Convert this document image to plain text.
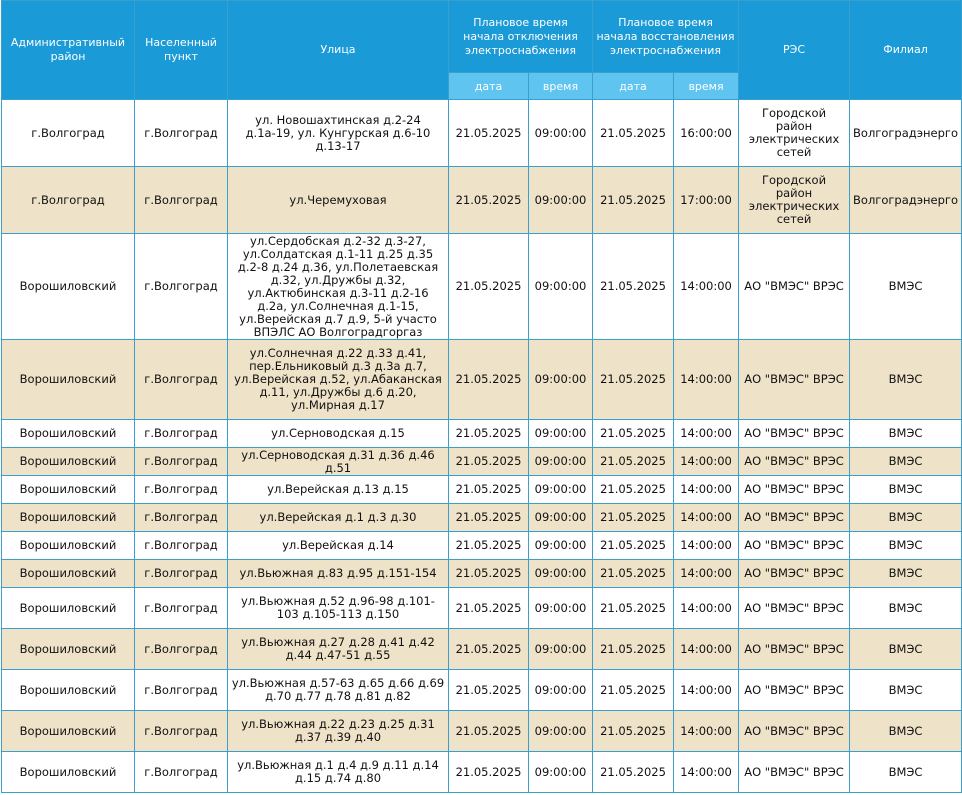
Административный район	Населенный пункт	Улица	Плановое время начала отключения электроснабжения		Плановое время начала восстановления электроснабжения		РЭС	Филиал
			дата	время	дата	время		
г.Волгоград	г.Волгоград	ул. Новошахтинская д.2-24 д.1а-19, ул. Кунгурская д.6-10 д.13-17	21.05.2025	09:00:00	21.05.2025	16:00:00	Городской район электрических сетей	Волгоградэнерго
г.Волгоград	г.Волгоград	ул.Черемуховая	21.05.2025	09:00:00	21.05.2025	17:00:00	Городской район электрических сетей	Волгоградэнерго
Ворошиловский	г.Волгоград	ул.Сердобская д.2-32 д.3-27, ул.Солдатская д.1-11 д.25 д.35 д.2-8 д.24 д.36, ул.Полетаевская д.32, ул.Дружбы д.32, ул.Актюбинская д.3-11 д.2-16 д.2а, ул.Солнечная д.1-15, ул.Верейская д.7 д.9, 5-й участо ВПЭЛС АО Волгоградгоргаз	21.05.2025	09:00:00	21.05.2025	14:00:00	АО "ВМЭС" ВРЭС	ВМЭС
Ворошиловский	г.Волгоград	ул.Солнечная д.22 д.33 д.41, пер.Ельниковый д.3 д.3а д.7, ул.Верейская д.52, ул.Абаканская д.11, ул.Дружбы д.6 д.20, ул.Мирная д.17	21.05.2025	09:00:00	21.05.2025	14:00:00	АО "ВМЭС" ВРЭС	ВМЭС
Ворошиловский	г.Волгоград	ул.Серноводская д.15	21.05.2025	09:00:00	21.05.2025	14:00:00	АО "ВМЭС" ВРЭС	ВМЭС
Ворошиловский	г.Волгоград	ул.Серноводская д.31 д.36 д.46 д.51	21.05.2025	09:00:00	21.05.2025	14:00:00	АО "ВМЭС" ВРЭС	ВМЭС
Ворошиловский	г.Волгоград	ул.Верейская д.13 д.15	21.05.2025	09:00:00	21.05.2025	14:00:00	АО "ВМЭС" ВРЭС	ВМЭС
Ворошиловский	г.Волгоград	ул.Верейская д.1 д.3 д.30	21.05.2025	09:00:00	21.05.2025	14:00:00	АО "ВМЭС" ВРЭС	ВМЭС
Ворошиловский	г.Волгоград	ул.Верейская д.14	21.05.2025	09:00:00	21.05.2025	14:00:00	АО "ВМЭС" ВРЭС	ВМЭС
Ворошиловский	г.Волгоград	ул.Вьюжная д.83 д.95 д.151-154	21.05.2025	09:00:00	21.05.2025	14:00:00	АО "ВМЭС" ВРЭС	ВМЭС
Ворошиловский	г.Волгоград	ул.Вьюжная д.52 д.96-98 д.101-103 д.105-113 д.150	21.05.2025	09:00:00	21.05.2025	14:00:00	АО "ВМЭС" ВРЭС	ВМЭС
Ворошиловский	г.Волгоград	ул.Вьюжная д.27 д.28 д.41 д.42 д.44 д.47-51 д.55	21.05.2025	09:00:00	21.05.2025	14:00:00	АО "ВМЭС" ВРЭС	ВМЭС
Ворошиловский	г.Волгоград	ул.Вьюжная д.57-63 д.65 д.66 д.69 д.70 д.77 д.78 д.81 д.82	21.05.2025	09:00:00	21.05.2025	14:00:00	АО "ВМЭС" ВРЭС	ВМЭС
Ворошиловский	г.Волгоград	ул.Вьюжная д.22 д.23 д.25 д.31 д.37 д.39 д.40	21.05.2025	09:00:00	21.05.2025	14:00:00	АО "ВМЭС" ВРЭС	ВМЭС
Ворошиловский	г.Волгоград	ул.Вьюжная д.1 д.4 д.9 д.11 д.14 д.15 д.74 д.80	21.05.2025	09:00:00	21.05.2025	14:00:00	АО "ВМЭС" ВРЭС	ВМЭС
